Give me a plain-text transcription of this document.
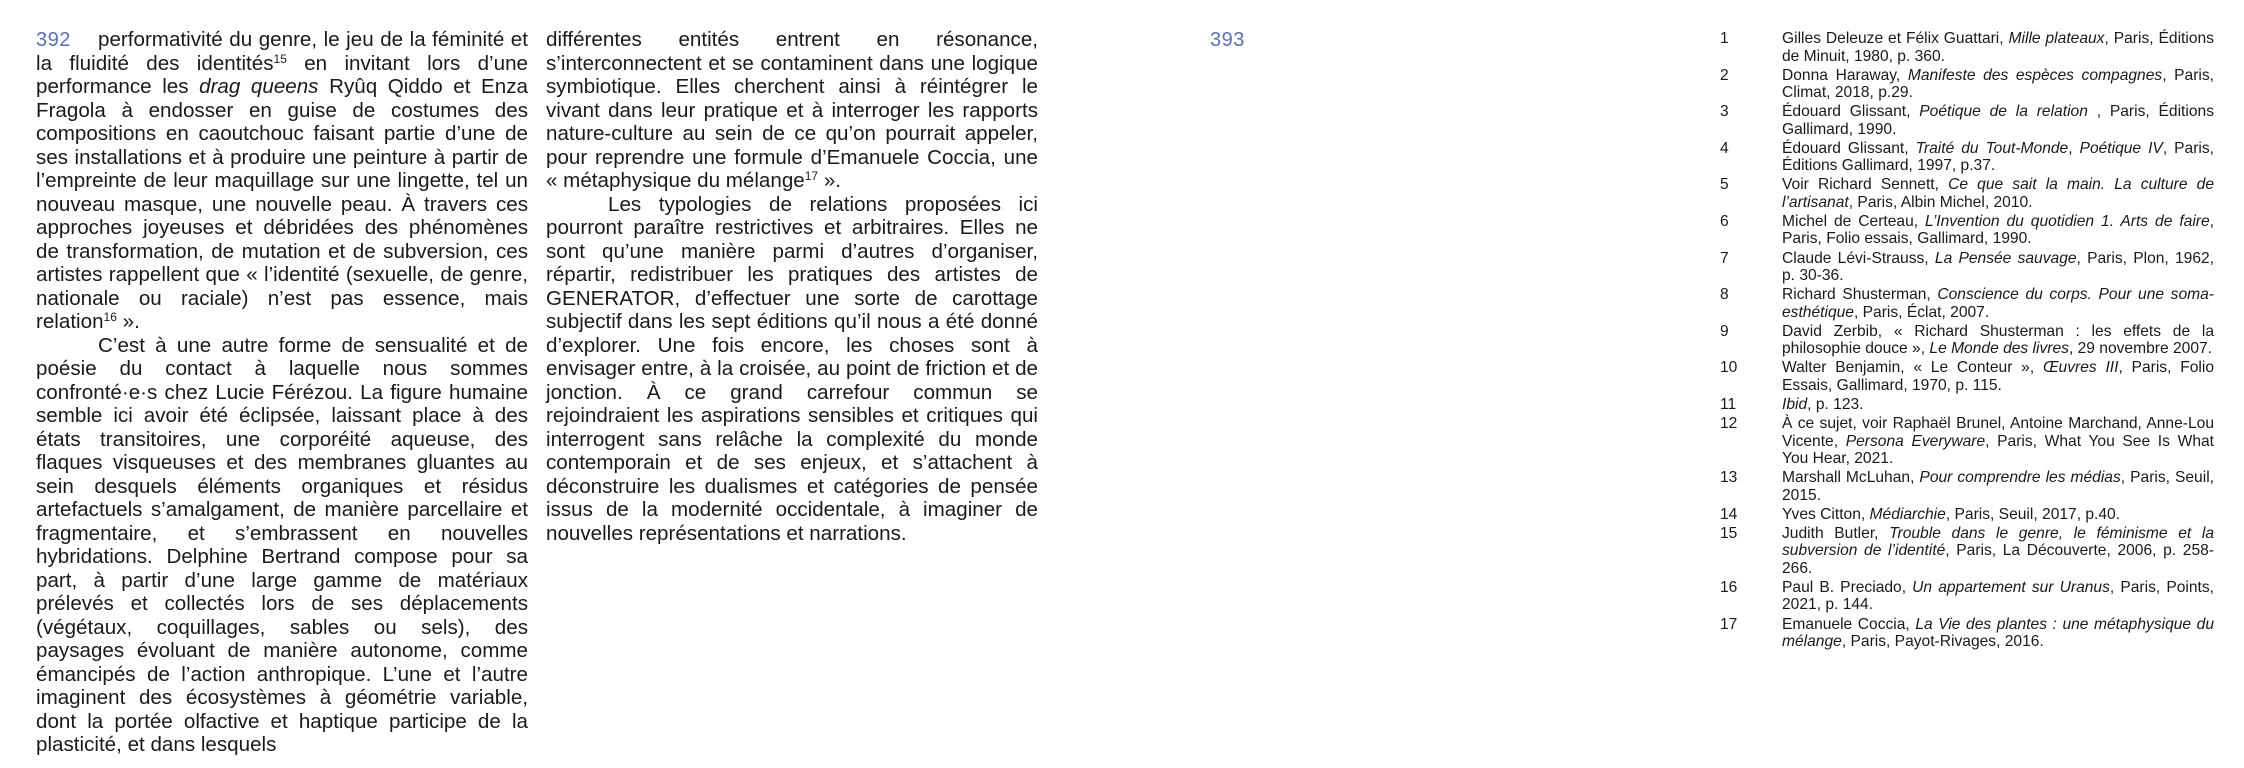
392	393

performativité du genre, le jeu de la féminité et la fluidité des identités$^{15}$ en invitant lors d’une performance les drag queens Ryûq Qiddo et Enza Fragola à endosser en guise de costumes des compositions en caoutchouc faisant partie d’une de ses installations et à produire une peinture à partir de l’empreinte de leur maquillage sur une lingette, tel un nouveau masque, une nouvelle peau. À travers ces approches joyeuses et débridées des phénomènes de transformation, de mutation et de subversion, ces artistes rappellent que « l’identité (sexuelle, de genre, nationale ou raciale) n’est pas essence, mais relation$^{16}$ ».

C’est à une autre forme de sensualité et de poésie du contact à laquelle nous sommes confronté·e·s chez Lucie Férézou. La figure humaine semble ici avoir été éclipsée, laissant place à des états transitoires, une corporéité aqueuse, des flaques visqueuses et des membranes gluantes au sein desquels éléments organiques et résidus artefactuels s’amalgament, de manière parcellaire et fragmentaire, et s’embrassent en nouvelles hybridations. Delphine Bertrand compose pour sa part, à partir d’une large gamme de matériaux prélevés et collectés lors de ses déplacements (végétaux, coquillages, sables ou sels), des paysages évoluant de manière autonome, comme émancipés de l’action anthropique. L’une et l’autre imaginent des écosystèmes à géométrie variable, dont la portée olfactive et haptique participe de la plasticité, et dans lesquels

différentes entités entrent en résonance, s’interconnectent et se contaminent dans une logique symbiotique. Elles cherchent ainsi à réintégrer le vivant dans leur pratique et à interroger les rapports nature-culture au sein de ce qu’on pourrait appeler, pour reprendre une formule d’Emanuele Coccia, une « métaphysique du mélange$^{17}$ ».

Les typologies de relations proposées ici pourront paraître restrictives et arbitraires. Elles ne sont qu’une manière parmi d’autres d’organiser, répartir, redistribuer les pratiques des artistes de GENERATOR, d’effectuer une sorte de carottage subjectif dans les sept éditions qu’il nous a été donné d’explorer. Une fois encore, les choses sont à envisager entre, à la croisée, au point de friction et de jonction. À ce grand carrefour commun se rejoindraient les aspirations sensibles et critiques qui interrogent sans relâche la complexité du monde contemporain et de ses enjeux, et s’attachent à déconstruire les dualismes et catégories de pensée issus de la modernité occidentale, à imaginer de nouvelles représentations et narrations.

1	Gilles Deleuze et Félix Guattari, Mille plateaux, Paris, Éditions de Minuit, 1980, p. 360.
2	Donna Haraway, Manifeste des espèces compagnes, Paris, Climat, 2018, p.29.
3	Édouard Glissant, Poétique de la relation , Paris, Éditions Gallimard, 1990.
4	Édouard Glissant, Traité du Tout-Monde, Poétique IV, Paris, Éditions Gallimard, 1997, p.37.
5	Voir Richard Sennett, Ce que sait la main. La culture de l’artisanat, Paris, Albin Michel, 2010.
6	Michel de Certeau, L’Invention du quotidien 1. Arts de faire, Paris, Folio essais, Gallimard, 1990.
7	Claude Lévi-Strauss, La Pensée sauvage, Paris, Plon, 1962, p. 30-36.
8	Richard Shusterman, Conscience du corps. Pour une soma-esthétique, Paris, Éclat, 2007.
9	David Zerbib, « Richard Shusterman : les effets de la philosophie douce », Le Monde des livres, 29 novembre 2007.
10	Walter Benjamin, « Le Conteur », Œuvres III, Paris, Folio Essais, Gallimard, 1970, p. 115.
11	Ibid, p. 123.
12	À ce sujet, voir Raphaël Brunel, Antoine Marchand, Anne-Lou Vicente, Persona Everyware, Paris, What You See Is What You Hear, 2021.
13	Marshall McLuhan, Pour comprendre les médias, Paris, Seuil, 2015.
14	Yves Citton, Médiarchie, Paris, Seuil, 2017, p.40.
15	Judith Butler, Trouble dans le genre, le féminisme et la subversion de l’identité, Paris, La Découverte, 2006, p. 258-266.
16	Paul B. Preciado, Un appartement sur Uranus, Paris, Points, 2021, p. 144.
17	Emanuele Coccia, La Vie des plantes : une métaphysique du mélange, Paris, Payot-Rivages, 2016.
